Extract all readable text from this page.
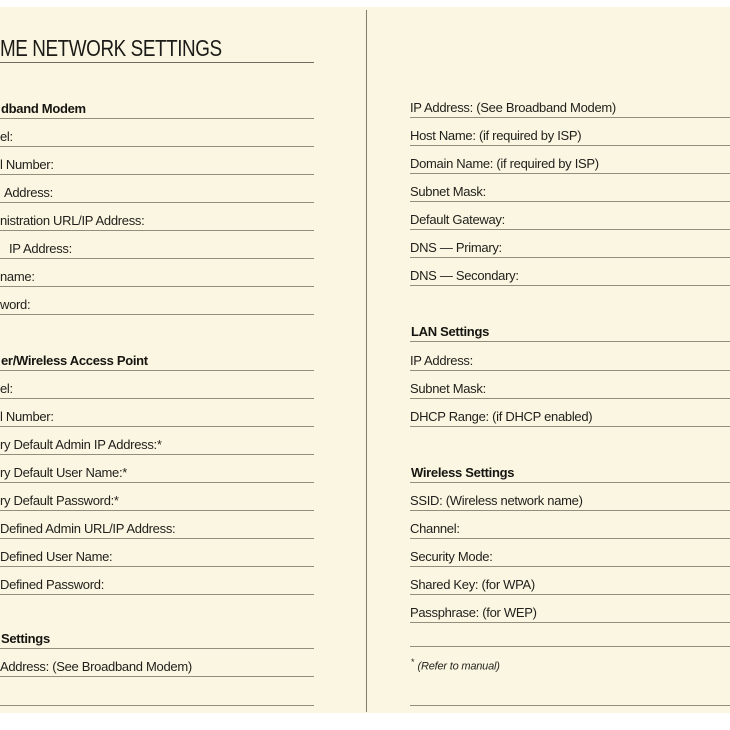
ME NETWORK SETTINGS
dband Modem
el:
l Number:
Address:
nistration URL/IP Address:
IP Address:
name:
word:
er/Wireless Access Point
el:
l Number:
ry Default Admin IP Address:*
ry Default User Name:*
ry Default Password:*
Defined Admin URL/IP Address:
Defined User Name:
Defined Password:
Settings
Address: (See Broadband Modem)
IP Address: (See Broadband Modem)
Host Name: (if required by ISP)
Domain Name: (if required by ISP)
Subnet Mask:
Default Gateway:
DNS — Primary:
DNS — Secondary:
LAN Settings
IP Address:
Subnet Mask:
DHCP Range: (if DHCP enabled)
Wireless Settings
SSID: (Wireless network name)
Channel:
Security Mode:
Shared Key: (for WPA)
Passphrase: (for WEP)
* (Refer to manual)
